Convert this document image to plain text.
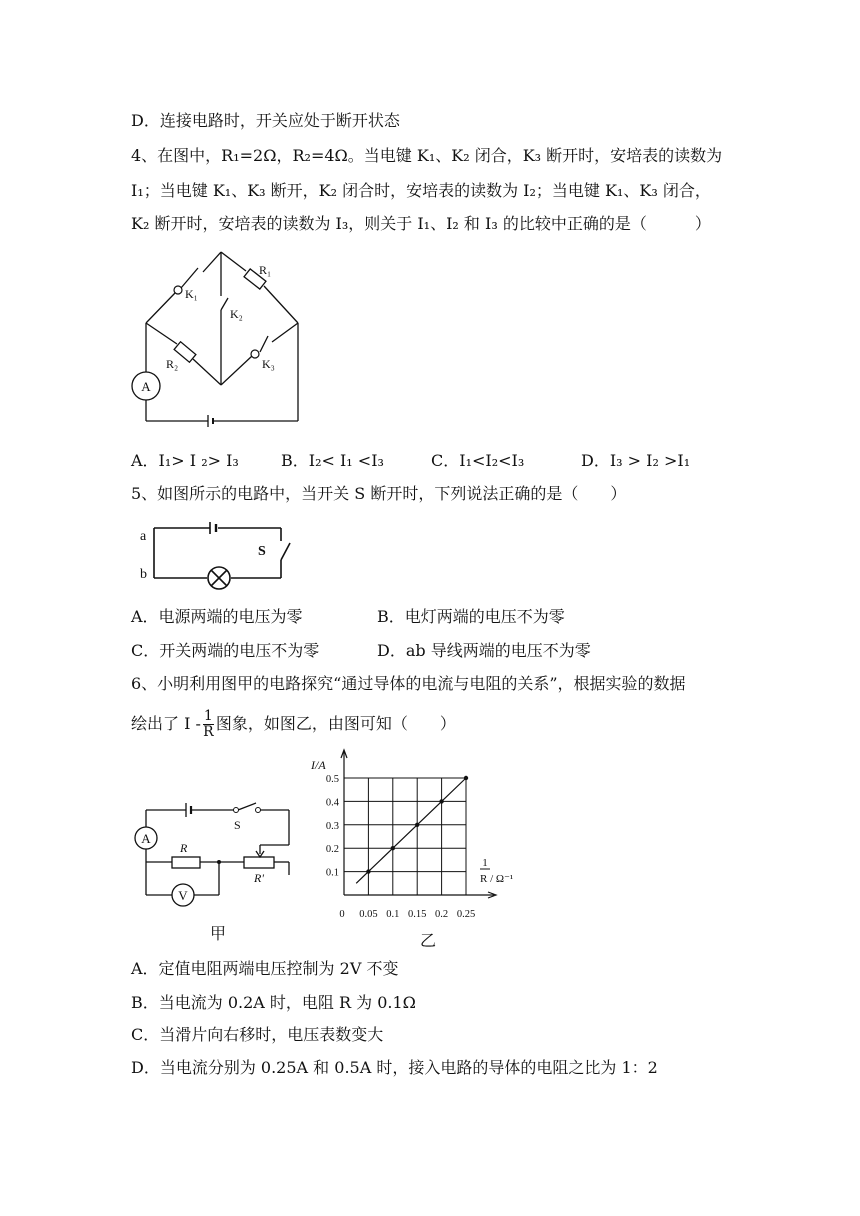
D．连接电路时，开关应处于断开状态
4、在图中，R₁=2Ω，R₂=4Ω。当电键 K₁、K₂ 闭合，K₃ 断开时，安培表的读数为
I₁；当电键 K₁、K₃ 断开，K₂ 闭合时，安培表的读数为 I₂；当电键 K₁、K₃ 闭合，
K₂ 断开时，安培表的读数为 I₃，则关于 I₁、I₂ 和 I₃ 的比较中正确的是（　　　）
A
K₁
K₂
K₃
R₁
R₂
A．I₁> I ₂> I₃	B．I₂< I₁ <I₃	C．I₁<I₂<I₃	D．I₃ > I₂ >I₁
5、如图所示的电路中，当开关 S 断开时，下列说法正确的是（　　）
a
b
S
A．电源两端的电压为零	B．电灯两端的电压不为零
C．开关两端的电压不为零	D．ab 导线两端的电压不为零
6、小明利用图甲的电路探究“通过导体的电流与电阻的关系”，根据实验的数据
绘出了 I - $\frac{1}{R}$ 图象，如图乙，由图可知（　　）
A
V
S
R
R'
甲
0 0.05 0.1 0.15 0.2 0.25
0.1
0.2
0.3
0.4
0.5
I/A
1
R / Ω⁻¹
乙
A．定值电阻两端电压控制为 2V 不变
B．当电流为 0.2A 时，电阻 R 为 0.1Ω
C．当滑片向右移时，电压表数变大
D．当电流分别为 0.25A 和 0.5A 时，接入电路的导体的电阻之比为 1：2
